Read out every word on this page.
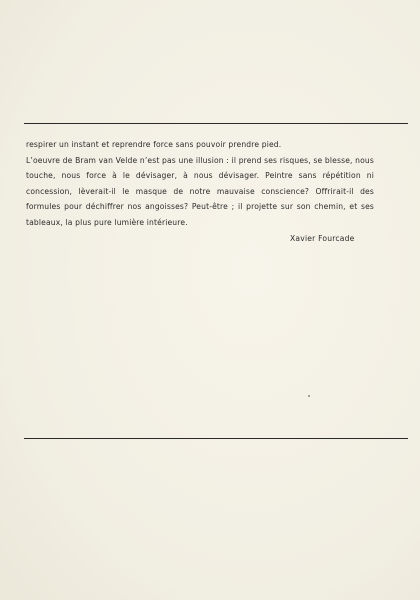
respirer un instant et reprendre force sans pouvoir prendre pied.

L’oeuvre de Bram van Velde n’est pas une illusion : il prend ses risques, se blesse, nous touche, nous force à le dévisager, à nous dévisager. Peintre sans répétition ni concession, lèverait-il le masque de notre mauvaise conscience? Offrirait-il des formules pour déchiffrer nos angoisses? Peut-être ; il projette sur son chemin, et ses tableaux, la plus pure lumière intérieure.

Xavier Fourcade
